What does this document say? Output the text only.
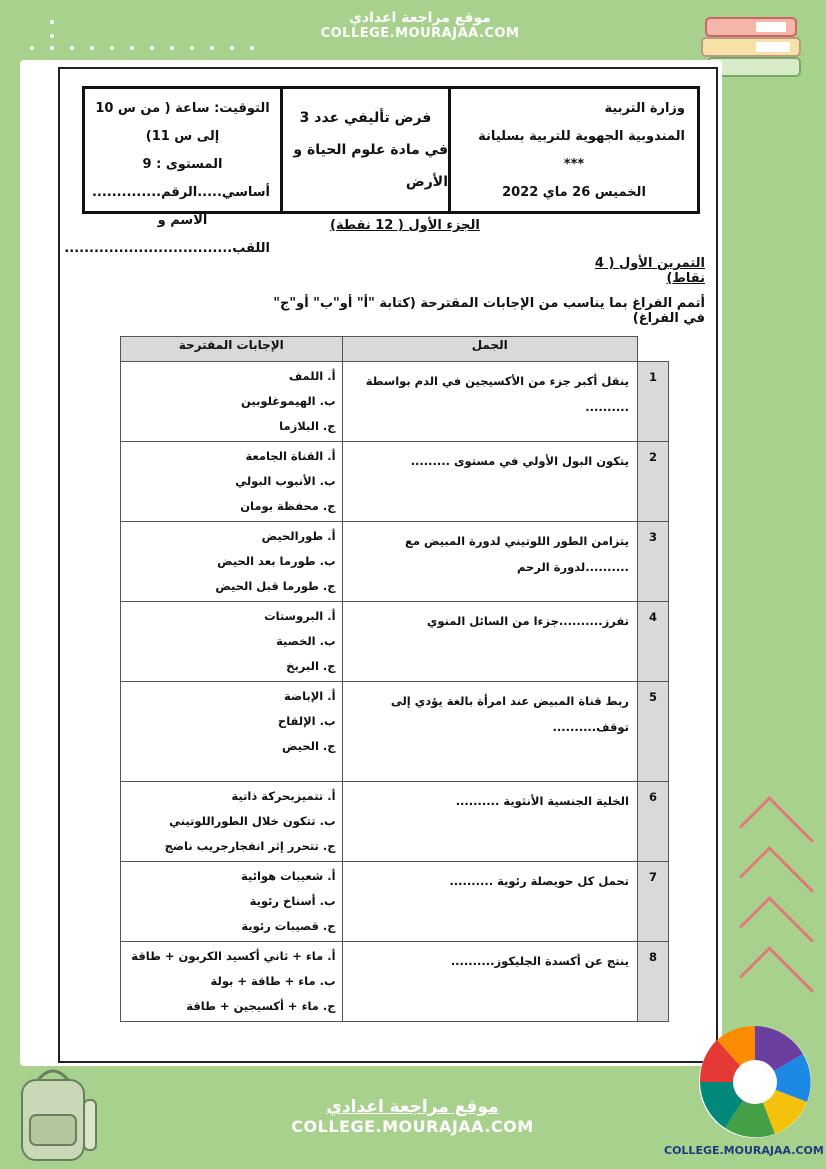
موقع مراجعة اعدادي
COLLEGE.MOURAJAA.COM
وزارة التربية
المندوبية الجهوية للتربية بسليانة
***
الخميس 26 ماي 2022
فرض تأليفي عدد 3
في مادة علوم الحياة و الأرض
التوقيت: ساعة ( من س 10 إلى س 11)
المستوى : 9 أساسي.....الرقم..............
الاسم و اللقب..................................
الجزء الأول ( 12 نقطة)
التمرين الأول ( 4 نقاط)
أتمم الفراغ بما يناسب من الإجابات المقترحة (كتابة "أ" أو"ب" أو"ج" في الفراغ)
	الجمل	الإجابات المقترحة
1	ينقل أكبر جزء من الأكسيجين في الدم بواسطة ..........	أ. اللمف
ب. الهيموغلوبين
ج. البلازما

2	يتكون البول الأولي في مستوى .........	أ. القناة الجامعة
ب. الأنبوب البولي
ج. محفظة بومان

3	يتزامن الطور اللوتيني لدورة المبيض مع ..........لدورة الرحم	أ. طورالحيض
ب. طورما بعد الحيض
ج. طورما قبل الحيض

4	تفرز..........جزءا من السائل المنوي	أ. البروستات
ب. الخصية
ج. البربخ

5	ربط قناة المبيض عند امرأة بالغة يؤدي إلى توقف..........	أ. الإباضة
ب. الإلقاح
ج. الحيض

6	الخلية الجنسية الأنثوية ..........	أ. تتميزبحركة ذاتية
ب. تتكون خلال الطوراللوتيني
ج. تتحرر إثر انفجارجريب ناضج

7	تحمل كل حويصلة رئوية ..........	أ. شعيبات هوائية
ب. أسناخ رئوية
ج. قصيبات رئوية

8	ينتج عن أكسدة الجليكوز..........	أ. ماء + ثاني أكسيد الكربون + طاقة
ب. ماء + طاقة + بولة
ج. ماء + أكسيجين + طاقة
موقع مراجعة اعدادي
COLLEGE.MOURAJAA.COM
COLLEGE.MOURAJAA.COM
